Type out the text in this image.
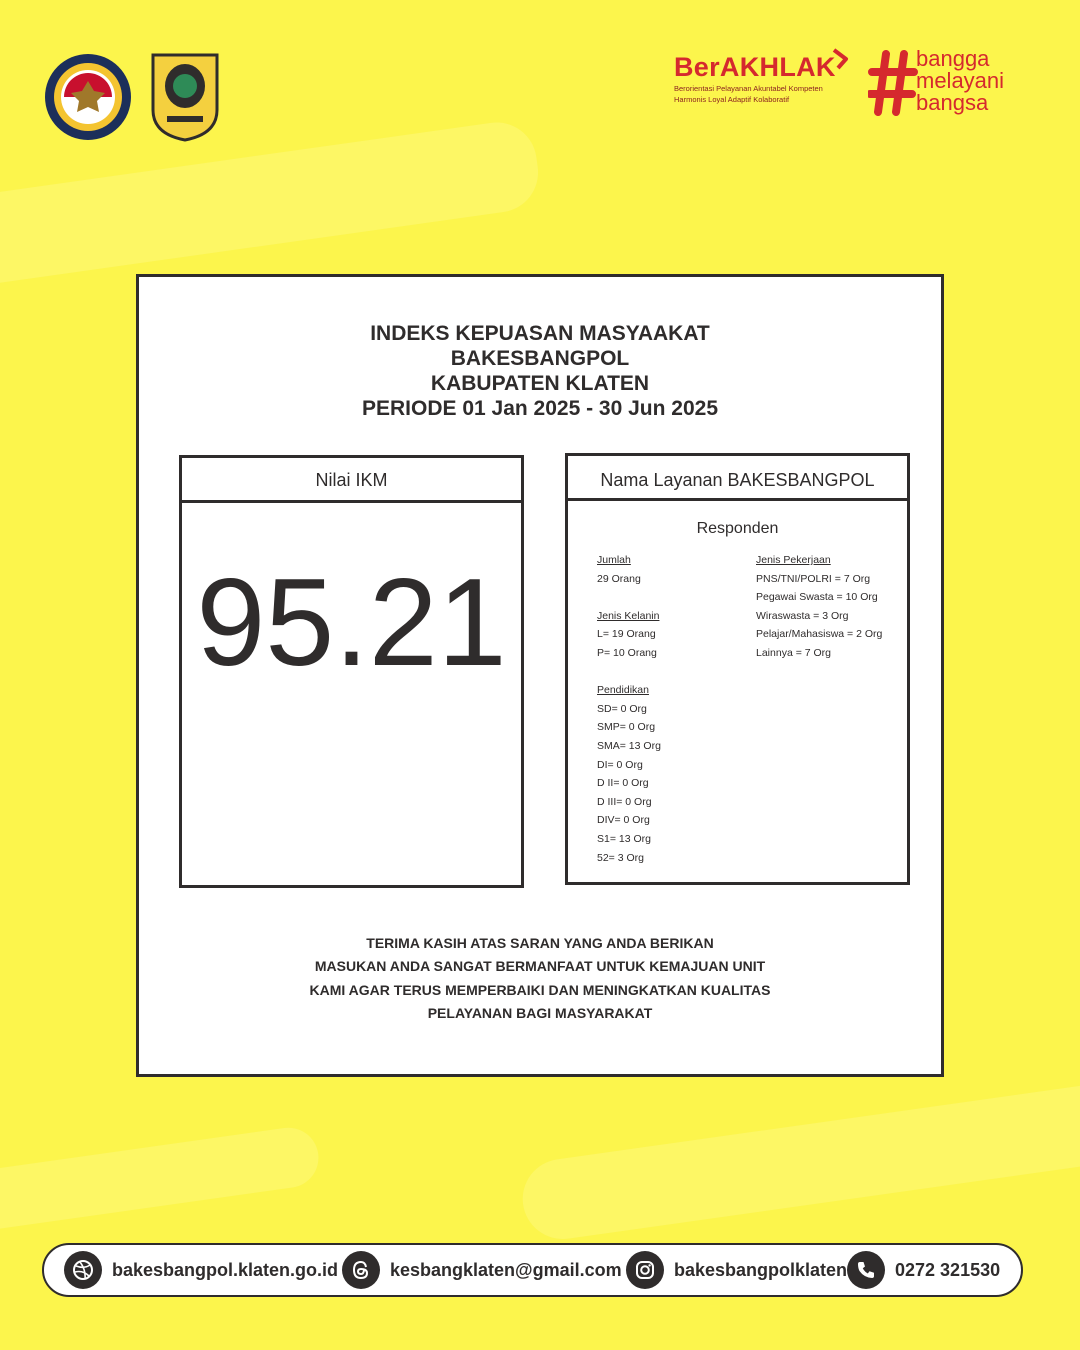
BerAKHLAK
Berorientasi Pelayanan Akuntabel Kompeten
Harmonis Loyal Adaptif Kolaboratif
bangga
melayani
bangsa
INDEKS KEPUASAN MASYAAKAT
BAKESBANGPOL
KABUPATEN KLATEN
PERIODE 01 Jan 2025 - 30 Jun 2025
Nilai IKM
95.21
Nama Layanan BAKESBANGPOL
Responden
Jumlah
29 Orang
Jenis Kelanin
L= 19 Orang
P= 10 Orang
Pendidikan
SD= 0 Org
SMP= 0 Org
SMA= 13 Org
DI= 0 Org
D II= 0 Org
D III= 0 Org
DIV= 0 Org
S1= 13 Org
52= 3 Org
Jenis Pekerjaan
PNS/TNI/POLRI = 7 Org
Pegawai Swasta = 10 Org
Wiraswasta = 3 Org
Pelajar/Mahasiswa = 2 Org
Lainnya = 7 Org
TERIMA KASIH ATAS SARAN YANG ANDA BERIKAN
MASUKAN ANDA SANGAT BERMANFAAT UNTUK KEMAJUAN UNIT
KAMI AGAR TERUS MEMPERBAIKI DAN MENINGKATKAN KUALITAS
PELAYANAN BAGI MASYARAKAT
bakesbangpol.klaten.go.id	kesbangklaten@gmail.com	bakesbangpolklaten	0272 321530
